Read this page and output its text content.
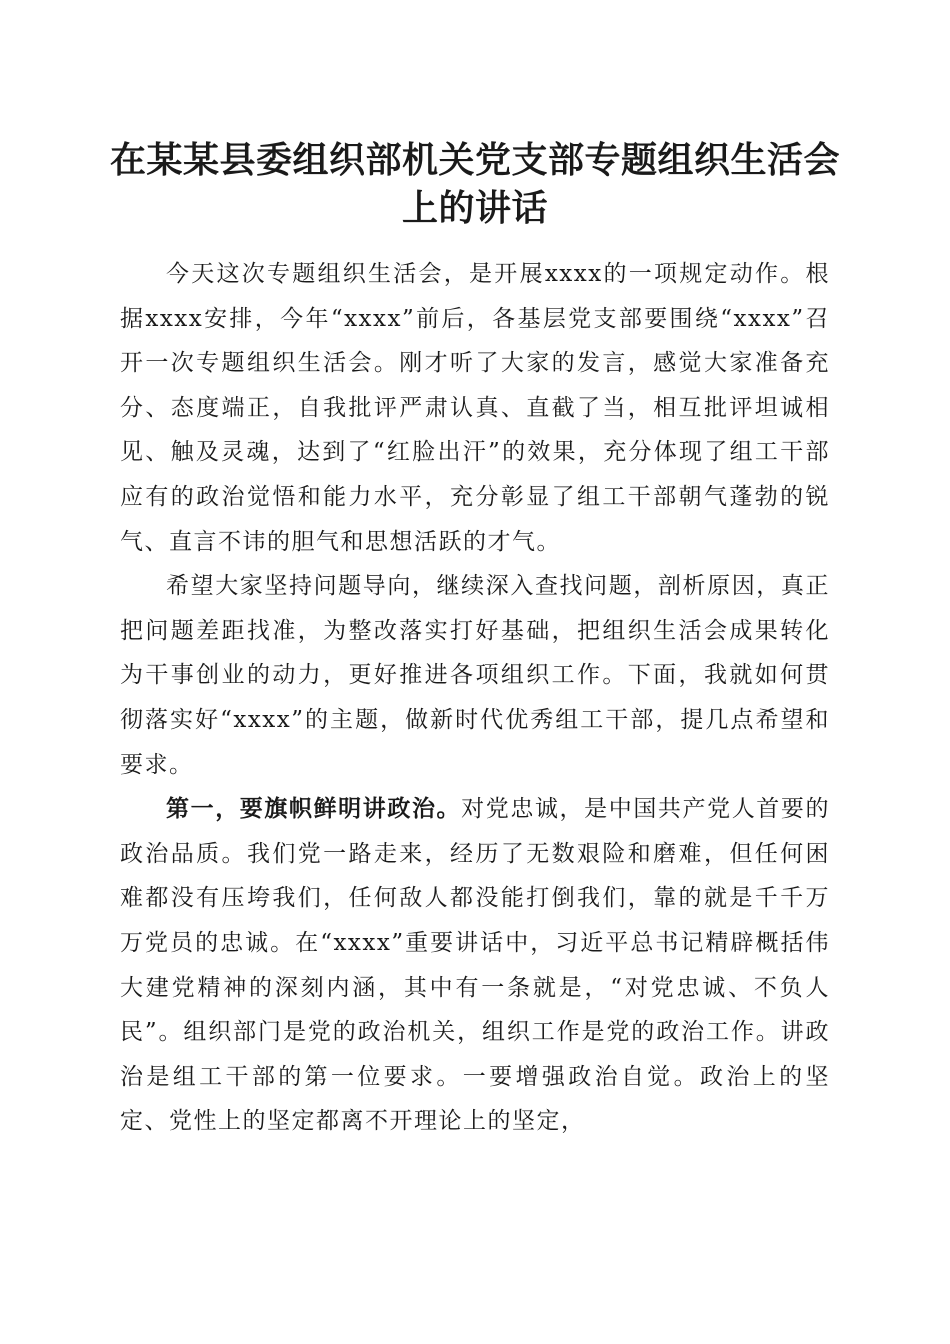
在某某县委组织部机关党支部专题组织生活会上的讲话

今天这次专题组织生活会，是开展xxxx的一项规定动作。根据xxxx安排，今年“xxxx”前后，各基层党支部要围绕“xxxx”召开一次专题组织生活会。刚才听了大家的发言，感觉大家准备充分、态度端正，自我批评严肃认真、直截了当，相互批评坦诚相见、触及灵魂，达到了“红脸出汗”的效果，充分体现了组工干部应有的政治觉悟和能力水平，充分彰显了组工干部朝气蓬勃的锐气、直言不讳的胆气和思想活跃的才气。

希望大家坚持问题导向，继续深入查找问题，剖析原因，真正把问题差距找准，为整改落实打好基础，把组织生活会成果转化为干事创业的动力，更好推进各项组织工作。下面，我就如何贯彻落实好“xxxx”的主题，做新时代优秀组工干部，提几点希望和要求。

第一，要旗帜鲜明讲政治。对党忠诚，是中国共产党人首要的政治品质。我们党一路走来，经历了无数艰险和磨难，但任何困难都没有压垮我们，任何敌人都没能打倒我们，靠的就是千千万万党员的忠诚。在“xxxx”重要讲话中，习近平总书记精辟概括伟大建党精神的深刻内涵，其中有一条就是，“对党忠诚、不负人民”。组织部门是党的政治机关，组织工作是党的政治工作。讲政治是组工干部的第一位要求。一要增强政治自觉。政治上的坚定、党性上的坚定都离不开理论上的坚定，
